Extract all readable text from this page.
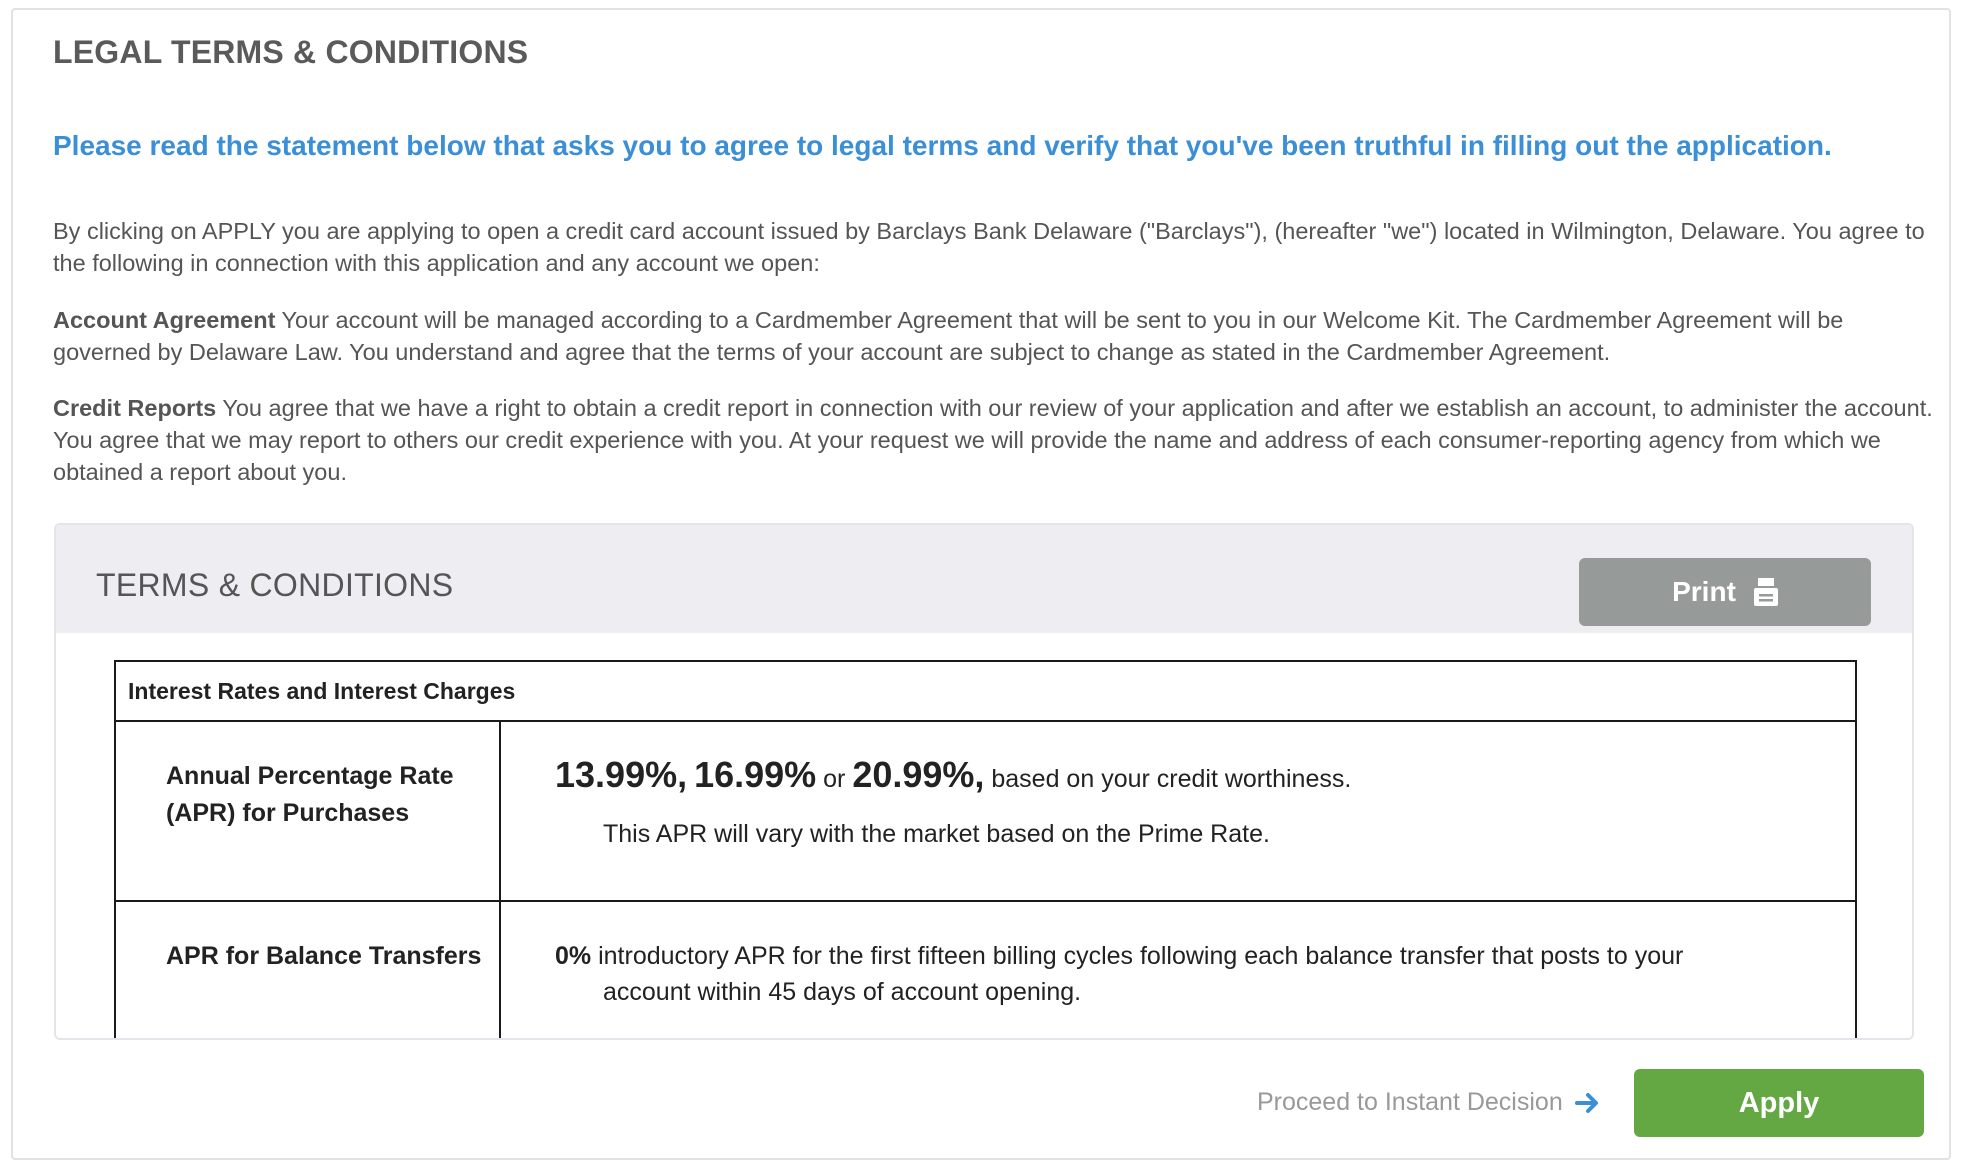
LEGAL TERMS & CONDITIONS

Please read the statement below that asks you to agree to legal terms and verify that you've been truthful in filling out the application.

By clicking on APPLY you are applying to open a credit card account issued by Barclays Bank Delaware ("Barclays"), (hereafter "we") located in Wilmington, Delaware. You agree to the following in connection with this application and any account we open:

Account Agreement Your account will be managed according to a Cardmember Agreement that will be sent to you in our Welcome Kit. The Cardmember Agreement will be governed by Delaware Law. You understand and agree that the terms of your account are subject to change as stated in the Cardmember Agreement.

Credit Reports You agree that we have a right to obtain a credit report in connection with our review of your application and after we establish an account, to administer the account. You agree that we may report to others our credit experience with you. At your request we will provide the name and address of each consumer-reporting agency from which we obtained a report about you.

TERMS & CONDITIONS	Print
Interest Rates and Interest Charges	
Annual Percentage Rate (APR) for Purchases	13.99%, 16.99% or 20.99%, based on your credit worthiness.
This APR will vary with the market based on the Prime Rate.

APR for Balance Transfers	0% introductory APR for the first fifteen billing cycles following each balance transfer that posts to your
account within 45 days of account opening.

Proceed to Instant Decision	Apply
